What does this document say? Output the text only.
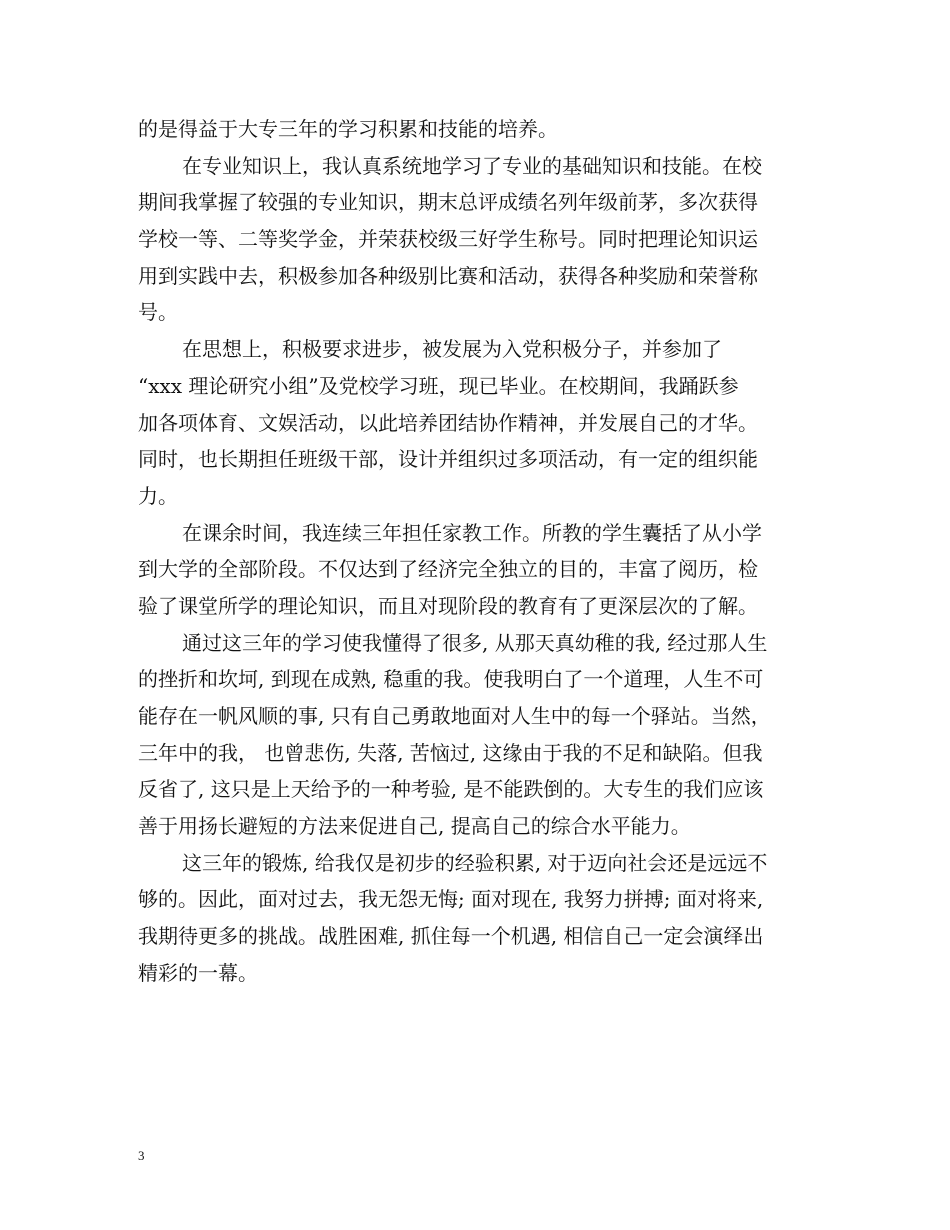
的是得益于大专三年的学习积累和技能的培养。
在专业知识上，我认真系统地学习了专业的基础知识和技能。在校
期间我掌握了较强的专业知识，期末总评成绩名列年级前茅，多次获得
学校一等、二等奖学金，并荣获校级三好学生称号。同时把理论知识运
用到实践中去，积极参加各种级别比赛和活动，获得各种奖励和荣誉称
号。
在思想上，积极要求进步，被发展为入党积极分子，并参加了
“xxx 理论研究小组”及党校学习班，现已毕业。在校期间，我踊跃参
加各项体育、文娱活动，以此培养团结协作精神，并发展自己的才华。
同时，也长期担任班级干部，设计并组织过多项活动，有一定的组织能
力。
在课余时间，我连续三年担任家教工作。所教的学生囊括了从小学
到大学的全部阶段。不仅达到了经济完全独立的目的，丰富了阅历，检
验了课堂所学的理论知识，而且对现阶段的教育有了更深层次的了解。
通过这三年的学习使我懂得了很多, 从那天真幼稚的我, 经过那人生
的挫折和坎坷, 到现在成熟, 稳重的我。使我明白了一个道理，人生不可
能存在一帆风顺的事, 只有自己勇敢地面对人生中的每一个驿站。当然，
三年中的我， 也曾悲伤, 失落, 苦恼过, 这缘由于我的不足和缺陷。但我
反省了, 这只是上天给予的一种考验, 是不能跌倒的。大专生的我们应该
善于用扬长避短的方法来促进自己, 提高自己的综合水平能力。
这三年的锻炼, 给我仅是初步的经验积累, 对于迈向社会还是远远不
够的。因此，面对过去，我无怨无悔; 面对现在, 我努力拼搏; 面对将来,
我期待更多的挑战。战胜困难, 抓住每一个机遇, 相信自己一定会演绎出
精彩的一幕。
3
